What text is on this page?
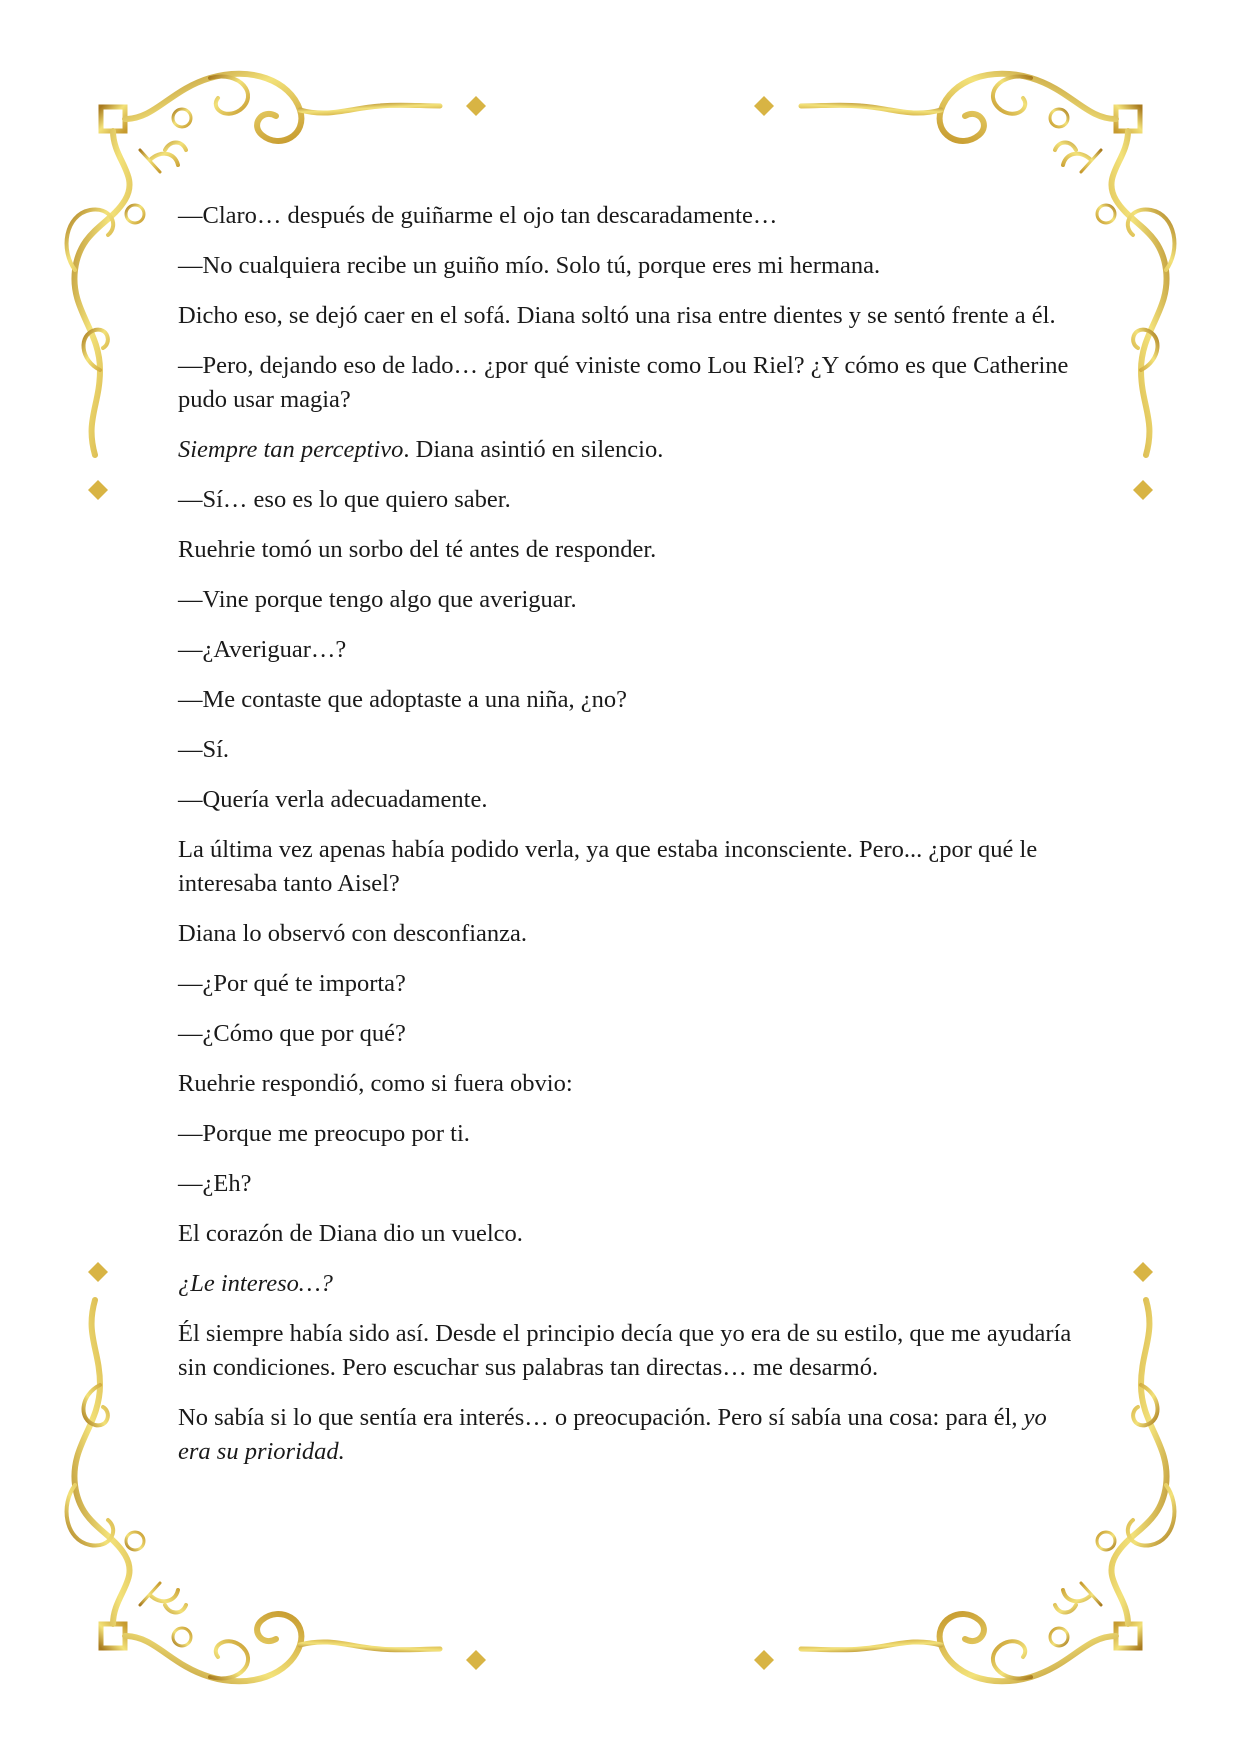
—Claro… después de guiñarme el ojo tan descaradamente…

—No cualquiera recibe un guiño mío. Solo tú, porque eres mi hermana.

Dicho eso, se dejó caer en el sofá. Diana soltó una risa entre dientes y se sentó frente a él.

—Pero, dejando eso de lado… ¿por qué viniste como Lou Riel? ¿Y cómo es que Catherine pudo usar magia?

Siempre tan perceptivo. Diana asintió en silencio.

—Sí… eso es lo que quiero saber.

Ruehrie tomó un sorbo del té antes de responder.

—Vine porque tengo algo que averiguar.

—¿Averiguar…?

—Me contaste que adoptaste a una niña, ¿no?

—Sí.

—Quería verla adecuadamente.

La última vez apenas había podido verla, ya que estaba inconsciente. Pero... ¿por qué le interesaba tanto Aisel?

Diana lo observó con desconfianza.

—¿Por qué te importa?

—¿Cómo que por qué?

Ruehrie respondió, como si fuera obvio:

—Porque me preocupo por ti.

—¿Eh?

El corazón de Diana dio un vuelco.

¿Le intereso…?

Él siempre había sido así. Desde el principio decía que yo era de su estilo, que me ayudaría sin condiciones. Pero escuchar sus palabras tan directas… me desarmó.

No sabía si lo que sentía era interés… o preocupación. Pero sí sabía una cosa: para él, yo era su prioridad.
